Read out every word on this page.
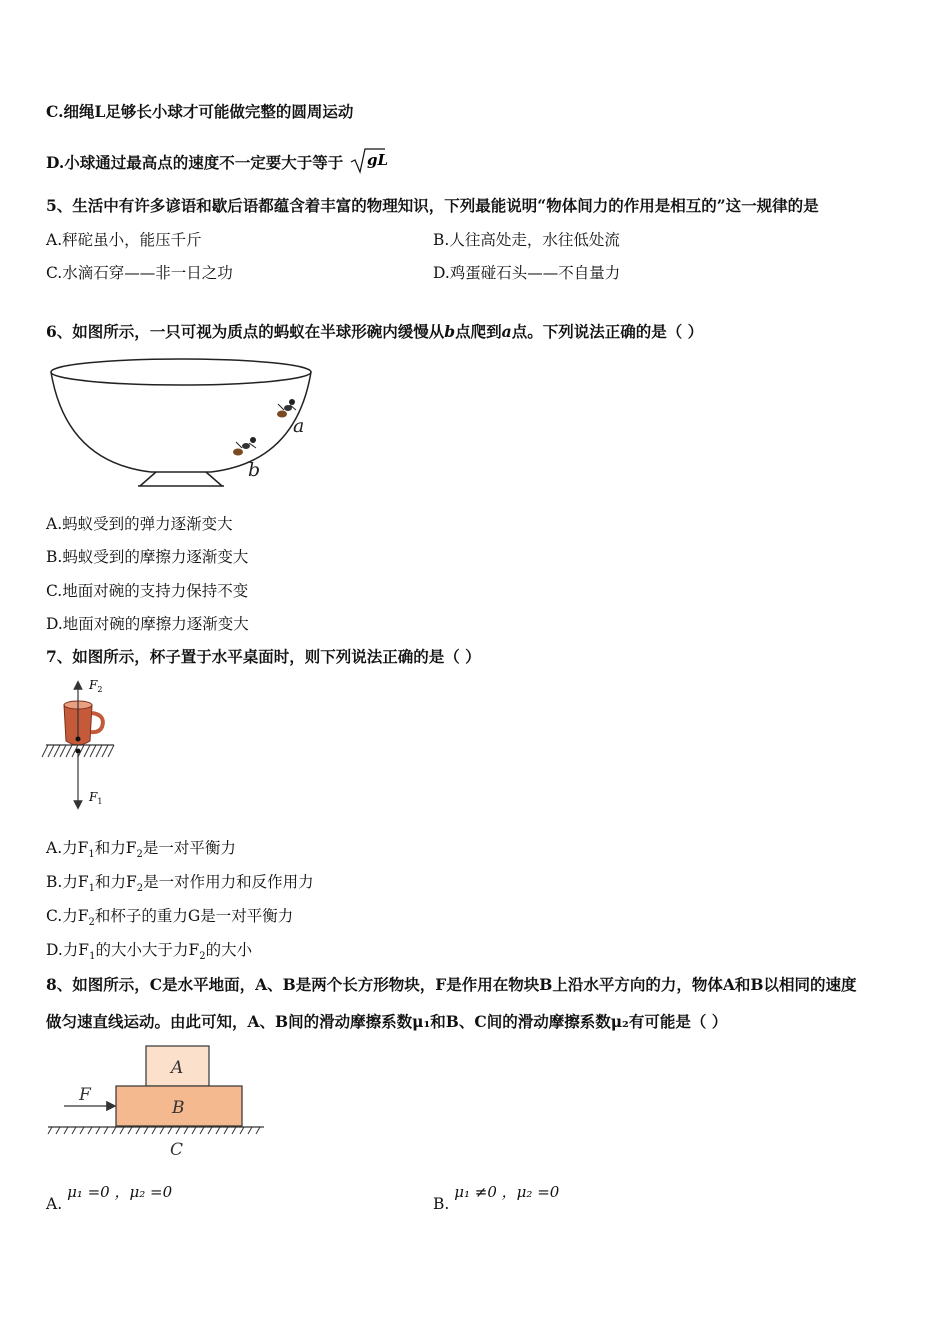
C.细绳L足够长小球才可能做完整的圆周运动
D.小球通过最高点的速度不一定要大于等于 gL
5、生活中有许多谚语和歇后语都蕴含着丰富的物理知识，下列最能说明“物体间力的作用是相互的”这一规律的是
A.秤砣虽小，能压千斤	B.人往高处走，水往低处流
C.水滴石穿——非一日之功	D.鸡蛋碰石头——不自量力
6、如图所示，一只可视为质点的蚂蚁在半球形碗内缓慢从b点爬到a点。下列说法正确的是（ ）
a
b
A.蚂蚁受到的弹力逐渐变大
B.蚂蚁受到的摩擦力逐渐变大
C.地面对碗的支持力保持不变
D.地面对碗的摩擦力逐渐变大
7、如图所示，杯子置于水平桌面时，则下列说法正确的是（ ）
$F_2$
$F_1$
A.力$F_1$和力$F_2$是一对平衡力
B.力$F_1$和力$F_2$是一对作用力和反作用力
C.力$F_2$和杯子的重力G是一对平衡力
D.力$F_1$的大小大于力$F_2$的大小
8、如图所示，C是水平地面，A、B是两个长方形物块，F是作用在物块B上沿水平方向的力，物体A和B以相同的速度
做匀速直线运动。由此可知，A、B间的滑动摩擦系数μ₁和B、C间的滑动摩擦系数μ₂有可能是（ ）
A
B
F
C
A. μ₁ =0 ，μ₂ =0
B. μ₁ ≠0 ，μ₂ =0
